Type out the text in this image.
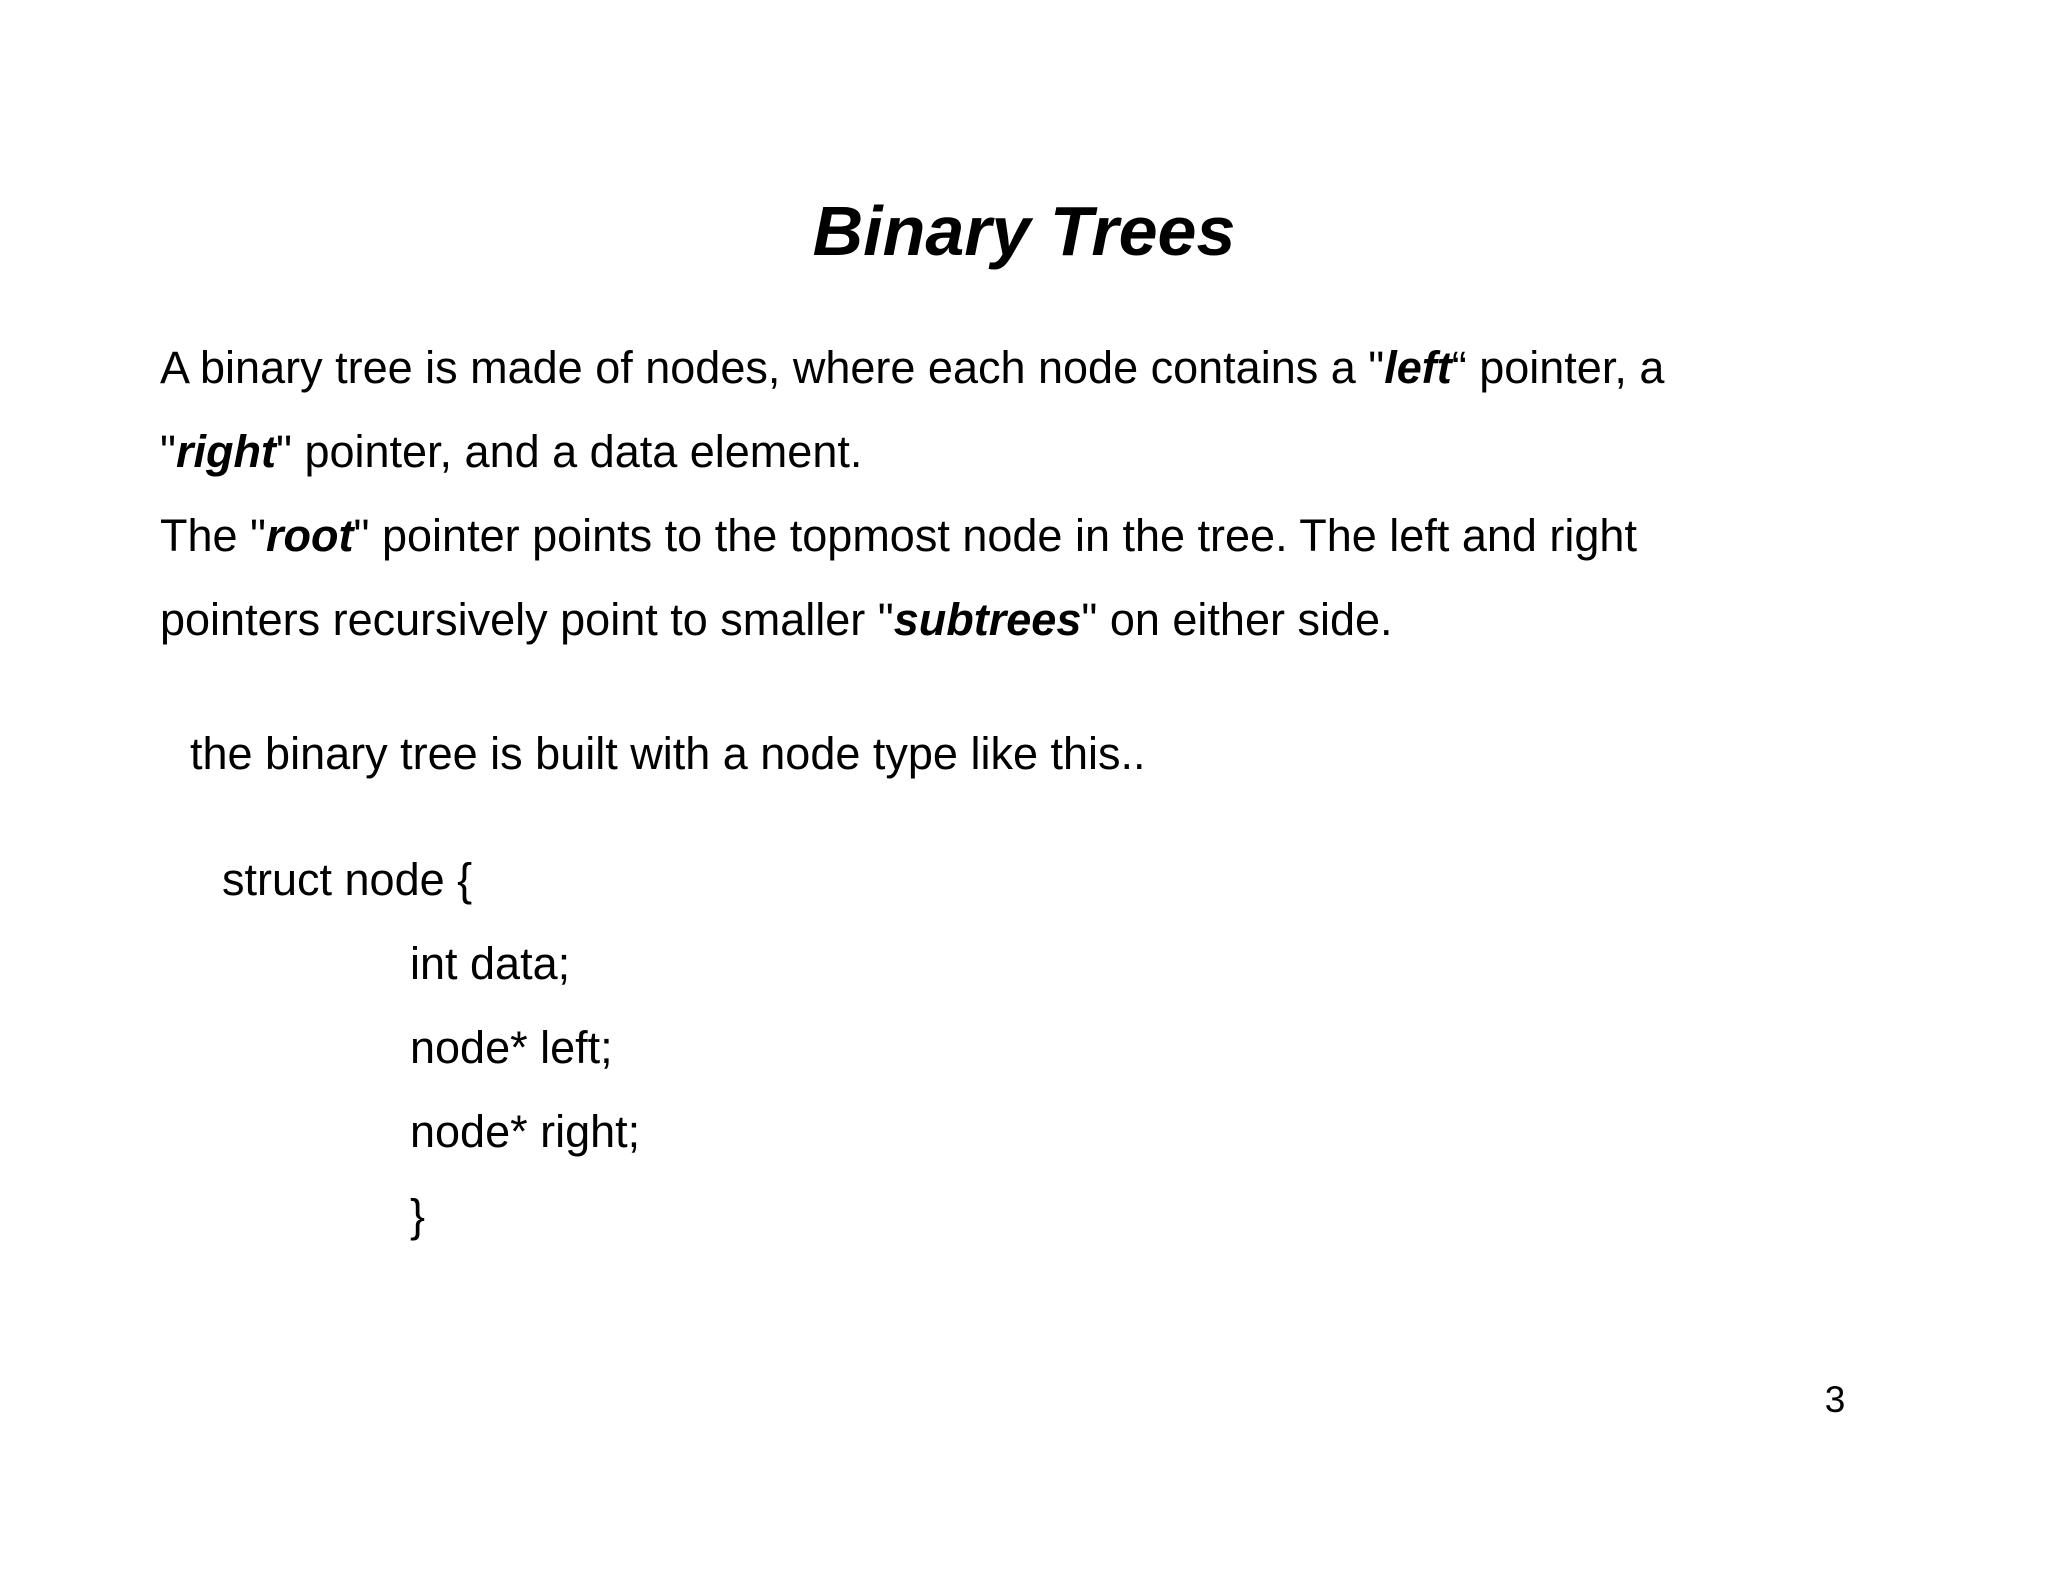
Binary Trees

A binary tree is made of nodes, where each node contains a "left“ pointer, a
"right" pointer, and a data element.

The "root" pointer points to the topmost node in the tree. The left and right
pointers recursively point to smaller "subtrees" on either side.

the binary tree is built with a node type like this..

struct node {

int data;

node* left;

node* right;

}

3
